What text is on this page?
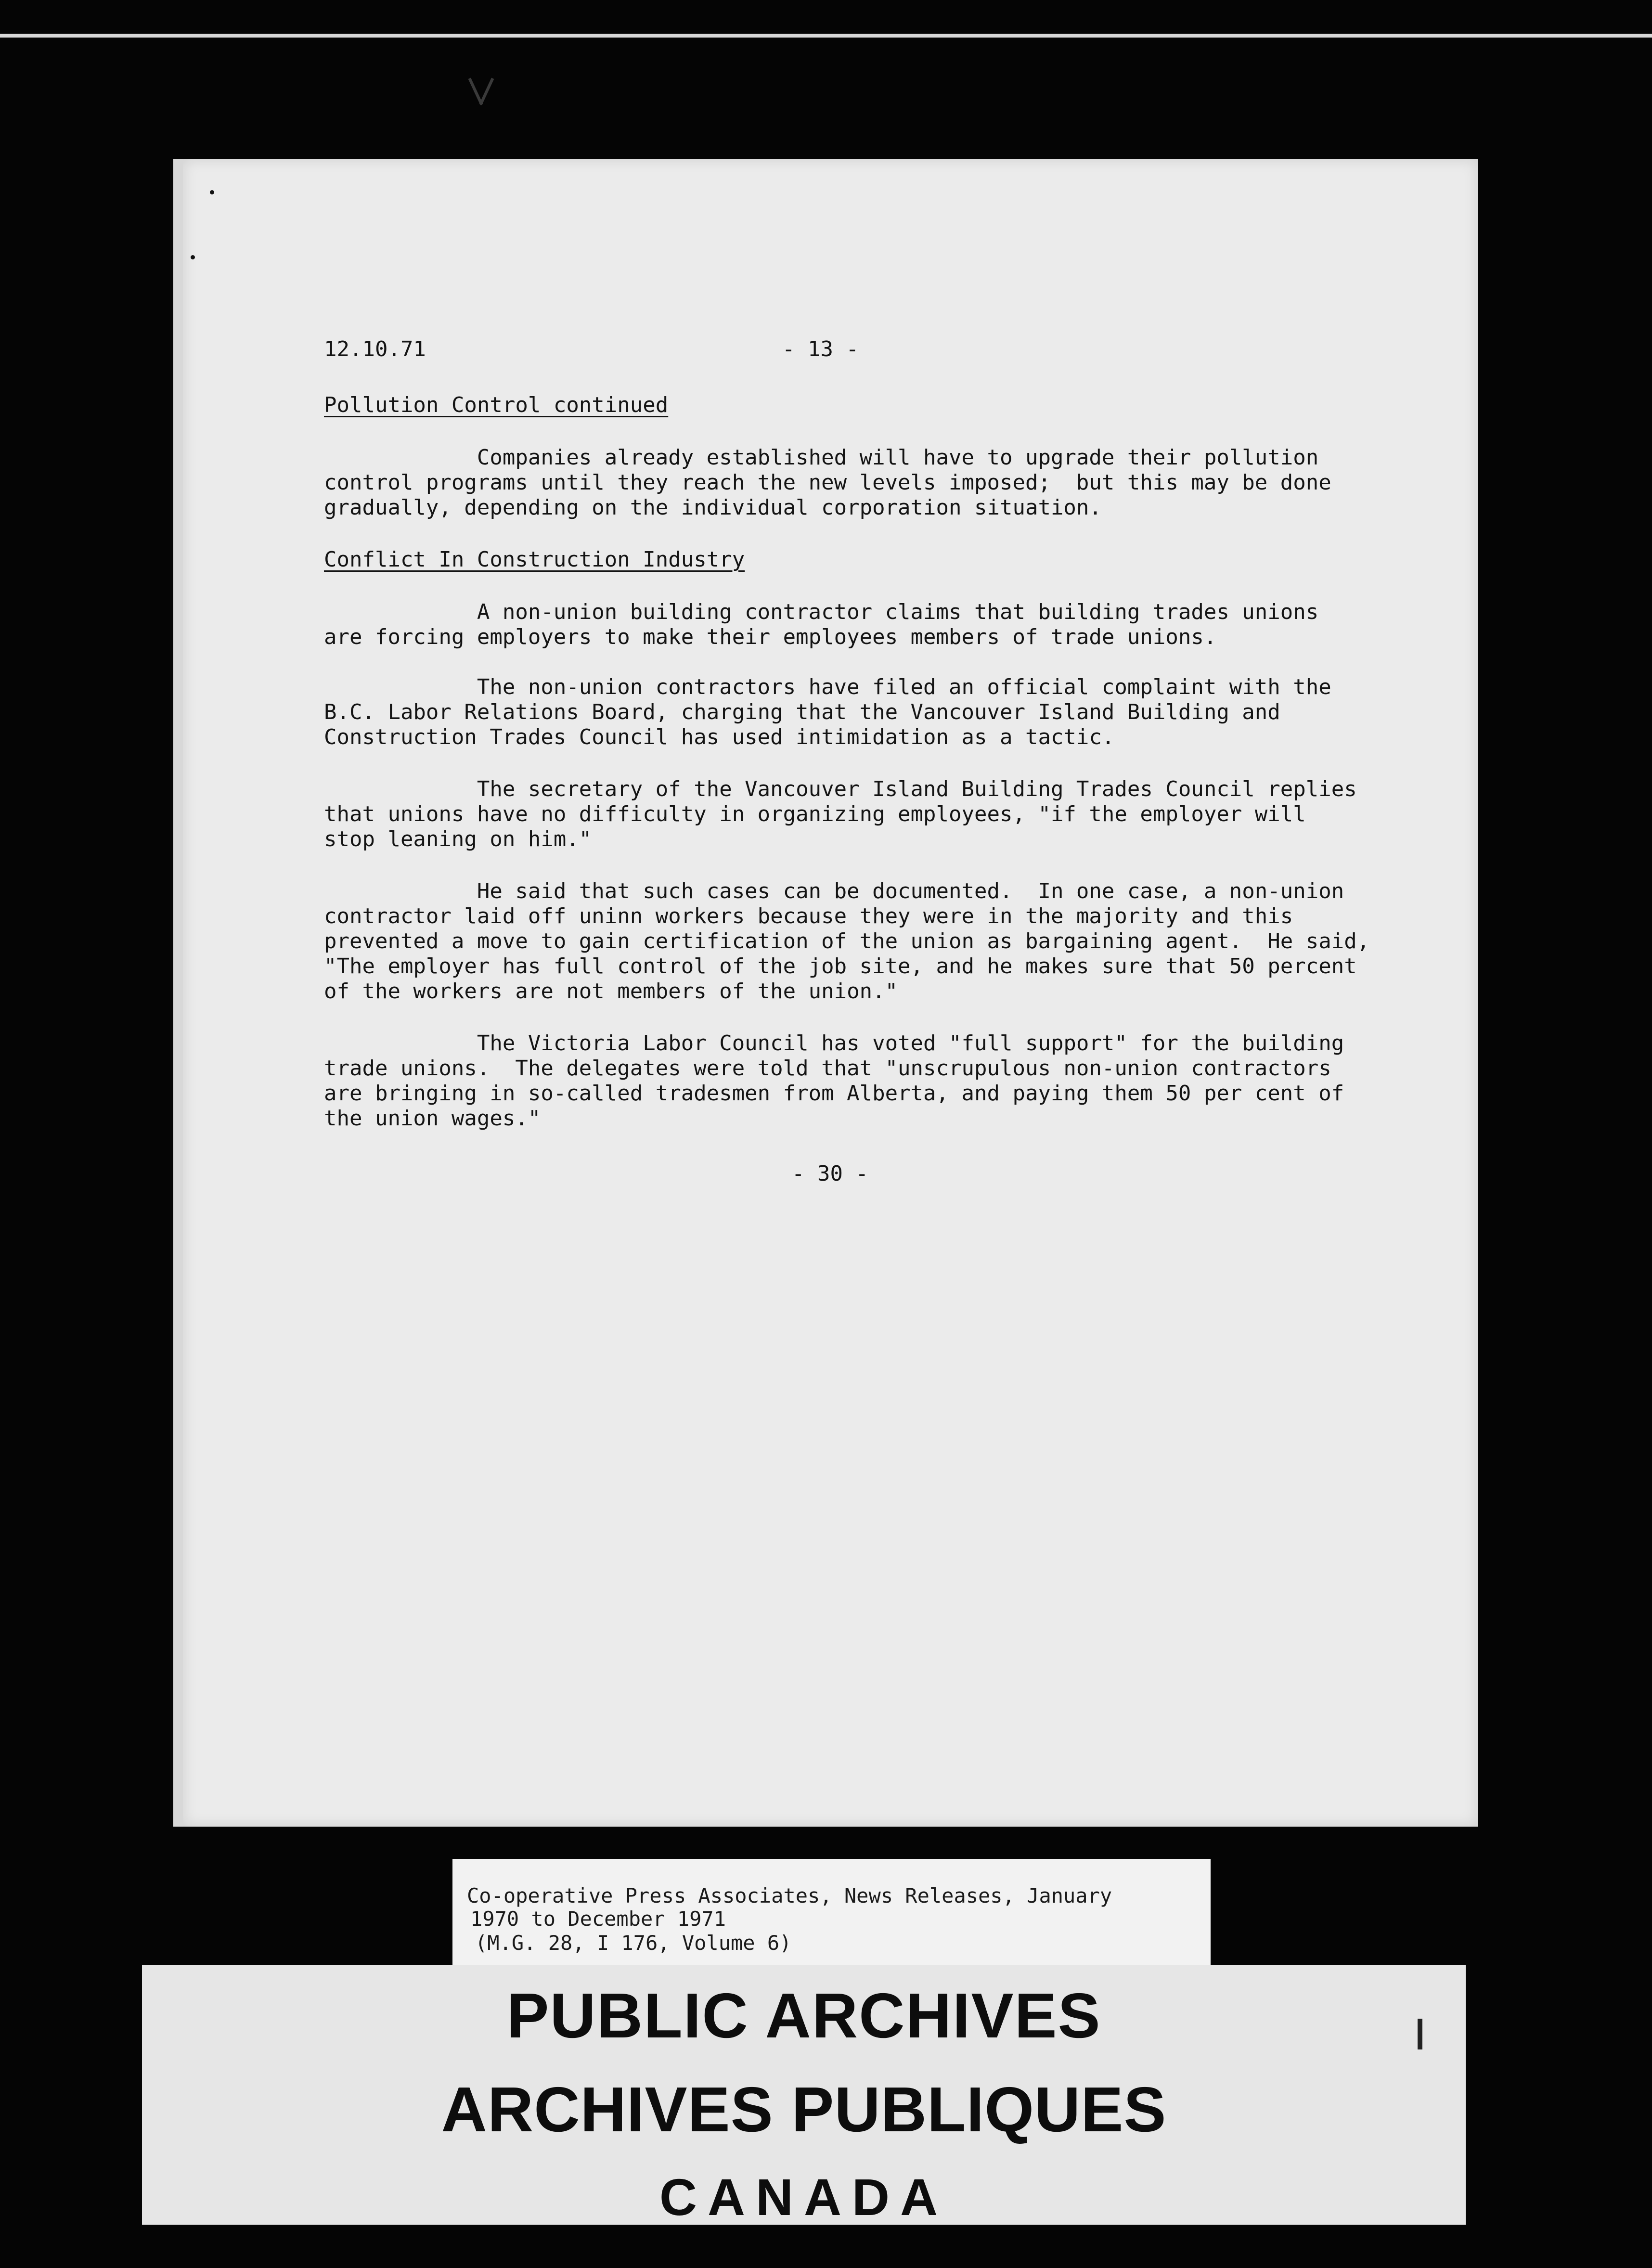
12.10.71	- 13 -
Pollution Control continued
Companies already established will have to upgrade their pollution
control programs until they reach the new levels imposed;  but this may be done
gradually, depending on the individual corporation situation.
Conflict In Construction Industry
A non-union building contractor claims that building trades unions
are forcing employers to make their employees members of trade unions.
The non-union contractors have filed an official complaint with the
B.C. Labor Relations Board, charging that the Vancouver Island Building and
Construction Trades Council has used intimidation as a tactic.
The secretary of the Vancouver Island Building Trades Council replies
that unions have no difficulty in organizing employees, "if the employer will
stop leaning on him."
He said that such cases can be documented.  In one case, a non-union
contractor laid off uninn workers because they were in the majority and this
prevented a move to gain certification of the union as bargaining agent.  He said,
"The employer has full control of the job site, and he makes sure that 50 percent
of the workers are not members of the union."
The Victoria Labor Council has voted "full support" for the building
trade unions.  The delegates were told that "unscrupulous non-union contractors
are bringing in so-called tradesmen from Alberta, and paying them 50 per cent of
the union wages."
- 30 -
Co-operative Press Associates, News Releases, January
1970 to December 1971
(M.G. 28, I 176, Volume 6)
PUBLIC ARCHIVES
ARCHIVES PUBLIQUES
CANADA
